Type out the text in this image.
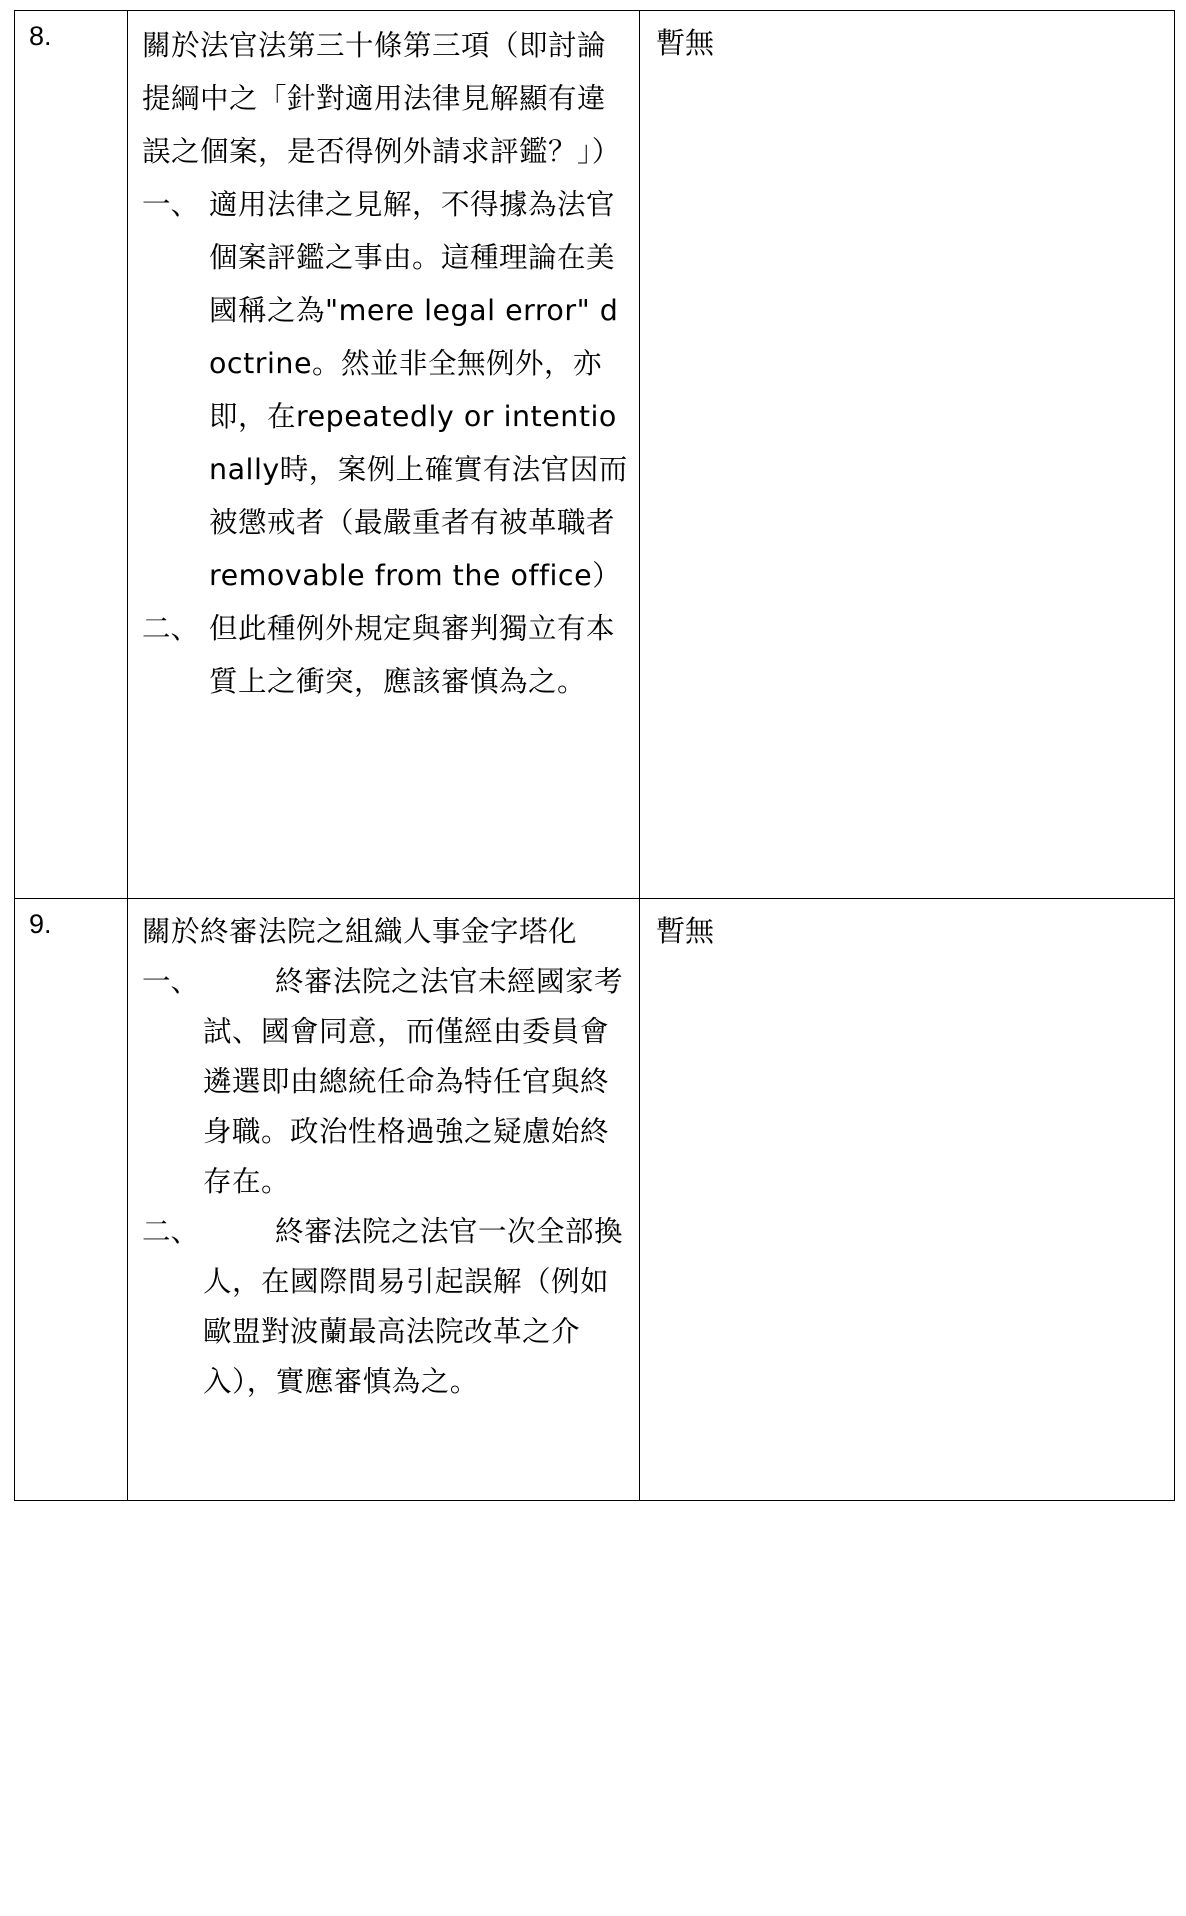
8.	關於法官法第三十條第三項（即討論提綱中之「針對適用法律見解顯有違誤之個案，是否得例外請求評鑑？」）

一、 適用法律之見解，不得據為法官個案評鑑之事由。這種理論在美國稱之為"mere legal error" doctrine。然並非全無例外，亦即，在repeatedly or intentionally時，案例上確實有法官因而被懲戒者（最嚴重者有被革職者 removable from the office）
二、 但此種例外規定與審判獨立有本質上之衝突，應該審慎為之。	暫無
9.	關於終審法院之組織人事金字塔化

一、 終審法院之法官未經國家考試、國會同意，而僅經由委員會遴選即由總統任命為特任官與終身職。政治性格過強之疑慮始終存在。
二、 終審法院之法官一次全部換人，在國際間易引起誤解（例如歐盟對波蘭最高法院改革之介入），實應審慎為之。	暫無
